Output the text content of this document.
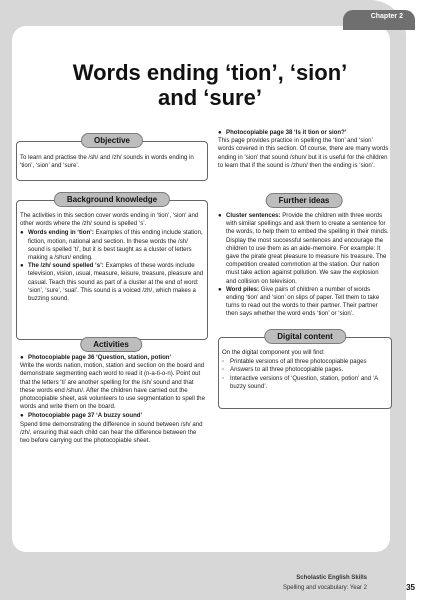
Chapter 2
Words ending ‘tion’, ‘sion’
and ‘sure’
Objective
To learn and practise the /sh/ and /zh/ sounds in words ending in ‘tion’, ‘sion’ and ‘sure’.
Background knowledge

The activities in this section cover words ending in ‘tion’, ‘sion’ and other words where the /zh/ sound is spelled ‘s’.

● Words ending in ‘tion’: Examples of this ending include station, fiction, motion, national and section. In these words the /sh/ sound is spelled ‘ti’, but it is best taught as a cluster of letters making a /shun/ ending.
● The /zh/ sound spelled ‘s’: Examples of these words include television, vision, usual, measure, leisure, treasure, pleasure and casual. Teach this sound as part of a cluster at the end of word: ‘sion’, ‘sure’, ‘sual’. This sound is a voiced /zh/, which makes a buzzing sound.
Activities
● Photocopiable page 36 ‘Question, station, potion’

Write the words nation, motion, station and section on the board and demonstrate segmenting each word to read it (n-a-ti-o-n). Point out that the letters ‘ti’ are another spelling for the /sh/ sound and that these words end /shun/. After the children have carried out the photocopiable sheet, ask volunteers to use segmentation to spell the words and write them on the board.

● Photocopiable page 37 ‘A buzzy sound’

Spend time demonstrating the difference in sound between /sh/ and /zh/, ensuring that each child can hear the difference between the two before carrying out the photocopiable sheet.

● Photocopiable page 38 ‘Is it tion or sion?’

This page provides practice in spelling the ‘tion’ and ‘sion’ words covered in this section. Of course, there are many words ending in ‘sion’ that sound /shun/ but it is useful for the children to learn that if the sound is /zhun/ then the ending is ‘sion’.

Further ideas
● Cluster sentences: Provide the children with three words with similar spellings and ask them to create a sentence for the words, to help them to embed the spelling in their minds. Display the most successful sentences and encourage the children to use them as an aide-memoire. For example: It gave the pirate great pleasure to measure his treasure. The competition created commotion at the station. Our nation must take action against pollution. We saw the explosion and collision on television.
● Word piles: Give pairs of children a number of words ending ‘tion’ and ‘sion’ on slips of paper. Tell them to take turns to read out the words to their partner. Their partner then says whether the word ends ‘tion’ or ‘sion’.
Digital content

On the digital component you will find:

◦ Printable versions of all three photocopiable pages
◦ Answers to all three photocopiable pages.
◦ Interactive versions of ‘Question, station, potion’ and ‘A buzzy sound’.
Scholastic English Skills
Spelling and vocabulary: Year 2	35
